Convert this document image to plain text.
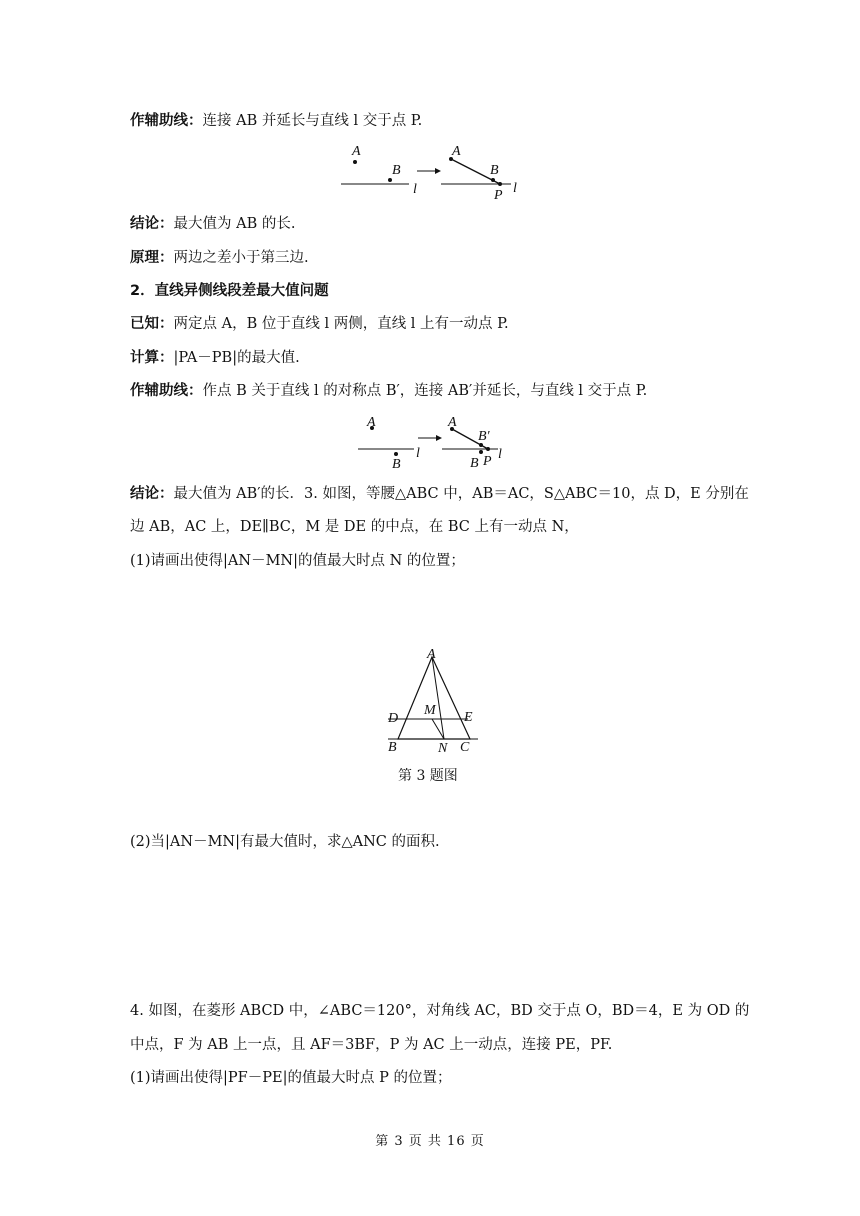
作辅助线：连接 AB 并延长与直线 l 交于点 P.
A
B
l
A
B
P l
结论：最大值为 AB 的长.
原理：两边之差小于第三边.
2．直线异侧线段差最大值问题
已知：两定点 A，B 位于直线 l 两侧，直线 l 上有一动点 P.
计算：|PA－PB|的最大值.
作辅助线：作点 B 关于直线 l 的对称点 B′，连接 AB′并延长，与直线 l 交于点 P.
A
l
B
A
B′
B P l
结论：最大值为 AB′的长．3. 如图，等腰△ABC 中，AB＝AC，S△ABC＝10，点 D，E 分别在
边 AB，AC 上，DE∥BC，M 是 DE 的中点，在 BC 上有一动点 N，
(1)请画出使得|AN－MN|的值最大时点 N 的位置；
A
D
M E
B	N C
第 3 题图
(2)当|AN－MN|有最大值时，求△ANC 的面积.
4. 如图，在菱形 ABCD 中，∠ABC＝120°，对角线 AC，BD 交于点 O，BD＝4，E 为 OD 的
中点，F 为 AB 上一点，且 AF＝3BF，P 为 AC 上一动点，连接 PE，PF.
(1)请画出使得|PF－PE|的值最大时点 P 的位置；
第 3 页 共 16 页
